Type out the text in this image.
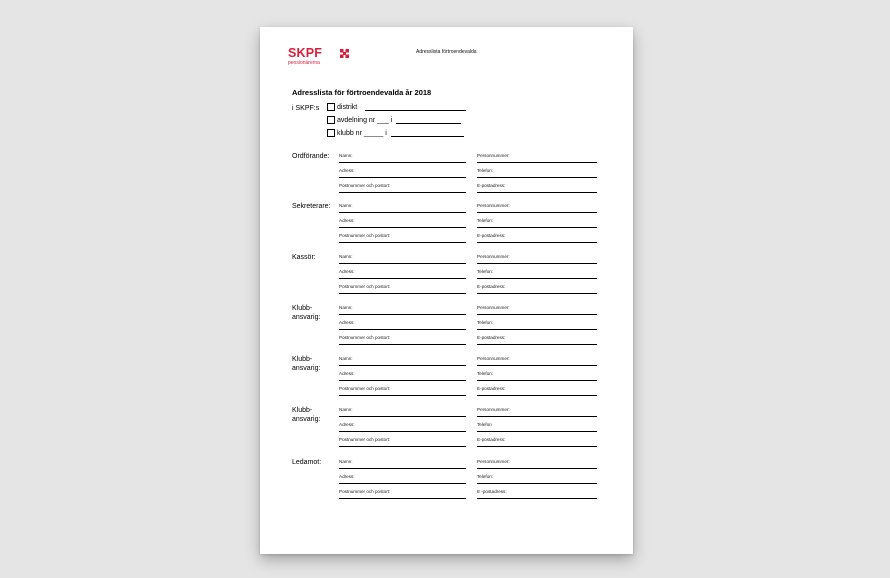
SKPF
pensionärerna
Adresslista förtroendevalda
Adresslista för förtroendevalda år 2018
i SKPF:s	distrikt
avdelning nr ___ i
klubb nr _____ i
Ordförande: Namn:	Personnummer:
Adress:	Telefon:
Postnummer och postort:	E-postadress:
Sekreterare: Namn:	Personnummer:
Adress:	Telefon:
Postnummer och postort:	E-postadress:
Kassör:	Namn:	Personnummer:
Adress:	Telefon:
Postnummer och postort:	E-postadress:
Klubb-
ansvarig:
Namn:	Personnummer:
Adress:	Telefon:
Postnummer och postort:	E-postadress:
Klubb-
ansvarig:
Namn:	Personnummer:
Adress:	Telefon:
Postnummer och postort:	E-postadress:
Klubb-
ansvarig:
Namn:	Personnummer:
Adress:	Telefon
Postnummer och postort:	E-postadress:
Ledamot:	Namn:	Personnummer:
Adress:	Telefon:
Postnummer och postort:	E -postadress:
